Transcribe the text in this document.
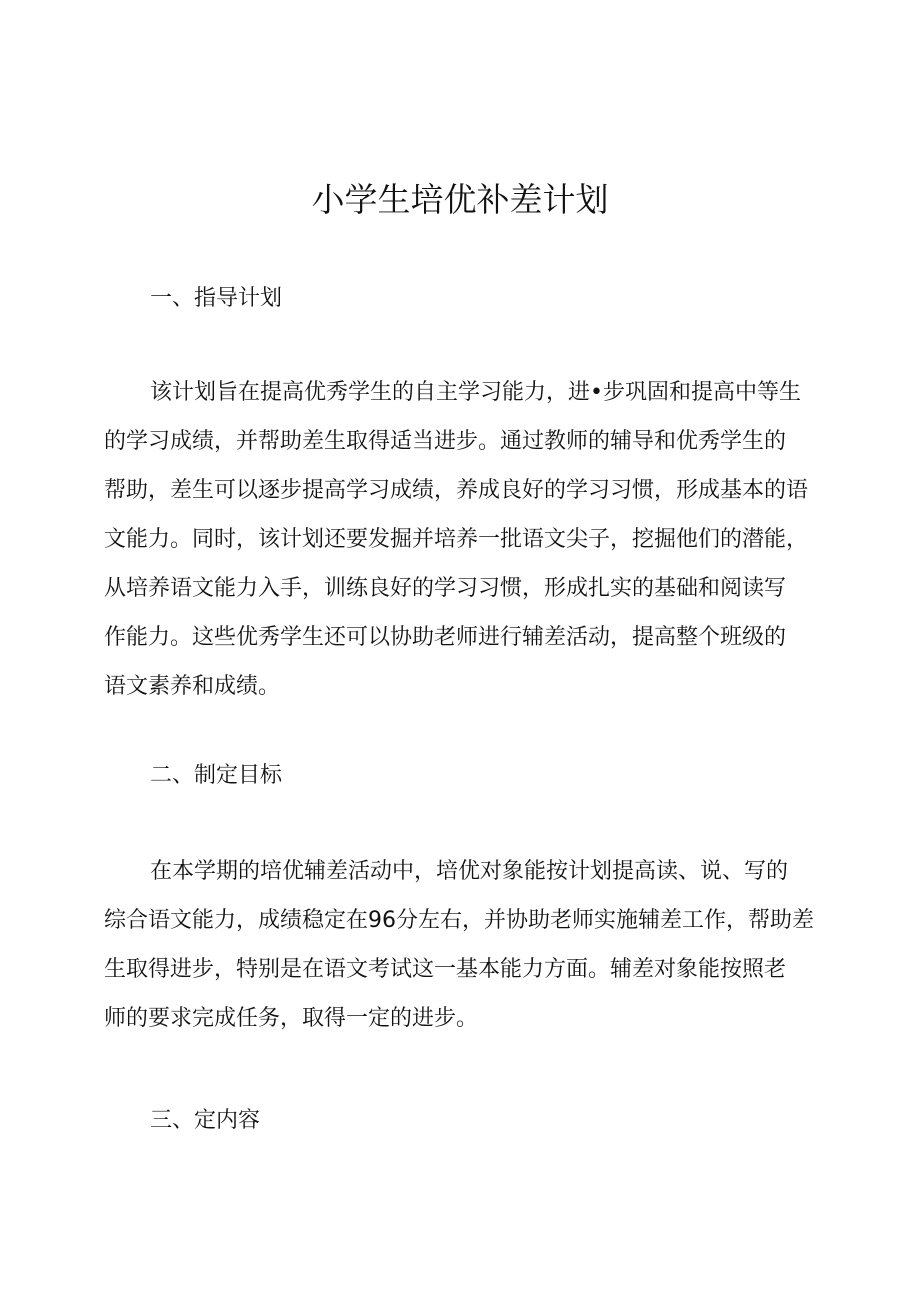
小学生培优补差计划
一、指导计划
该计划旨在提高优秀学生的自主学习能力，进•步巩固和提高中等生
的学习成绩，并帮助差生取得适当进步。通过教师的辅导和优秀学生的
帮助，差生可以逐步提高学习成绩，养成良好的学习习惯，形成基本的语
文能力。同时，该计划还要发掘并培养一批语文尖子，挖掘他们的潜能，
从培养语文能力入手，训练良好的学习习惯，形成扎实的基础和阅读写
作能力。这些优秀学生还可以协助老师进行辅差活动，提高整个班级的
语文素养和成绩。
二、制定目标
在本学期的培优辅差活动中，培优对象能按计划提高读、说、写的
综合语文能力，成绩稳定在96分左右，并协助老师实施辅差工作，帮助差
生取得进步，特别是在语文考试这一基本能力方面。辅差对象能按照老
师的要求完成任务，取得一定的进步。
三、定内容
